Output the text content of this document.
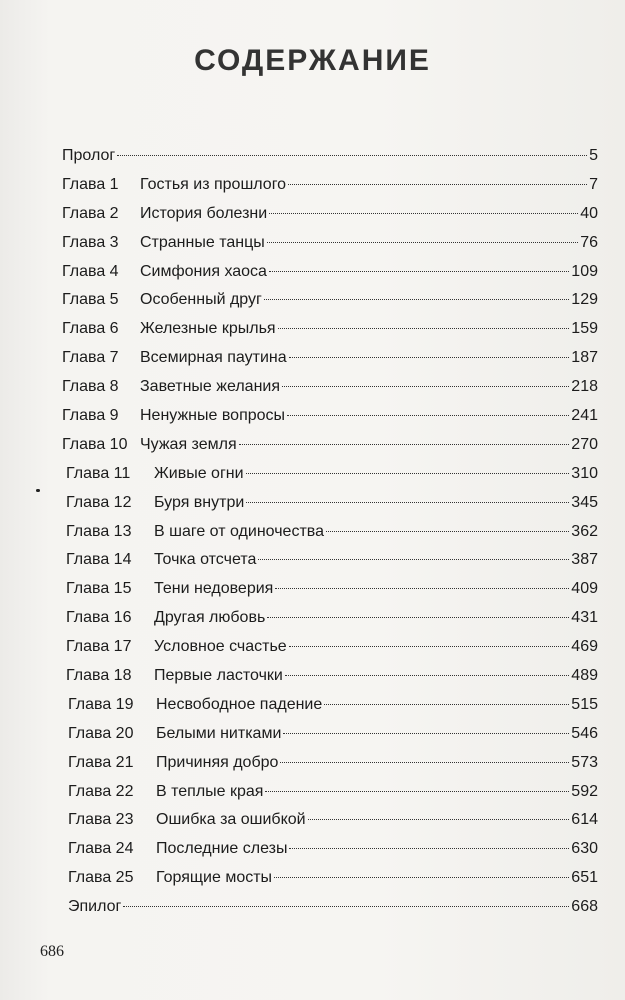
СОДЕРЖАНИЕ
Пролог	5
Глава 1 Гостья из прошлого	7
Глава 2 История болезни	40
Глава 3 Странные танцы	76
Глава 4 Симфония хаоса	109
Глава 5 Особенный друг	129
Глава 6 Железные крылья	159
Глава 7 Всемирная паутина	187
Глава 8 Заветные желания	218
Глава 9 Ненужные вопросы	241
Глава 10 Чужая земля	270
Глава 11 Живые огни	310
Глава 12 Буря внутри	345
Глава 13 В шаге от одиночества	362
Глава 14 Точка отсчета	387
Глава 15 Тени недоверия	409
Глава 16 Другая любовь	431
Глава 17 Условное счастье	469
Глава 18 Первые ласточки	489
Глава 19 Несвободное падение	515
Глава 20 Белыми нитками	546
Глава 21 Причиняя добро	573
Глава 22 В теплые края	592
Глава 23 Ошибка за ошибкой	614
Глава 24 Последние слезы	630
Глава 25 Горящие мосты	651
Эпилог	668
686
